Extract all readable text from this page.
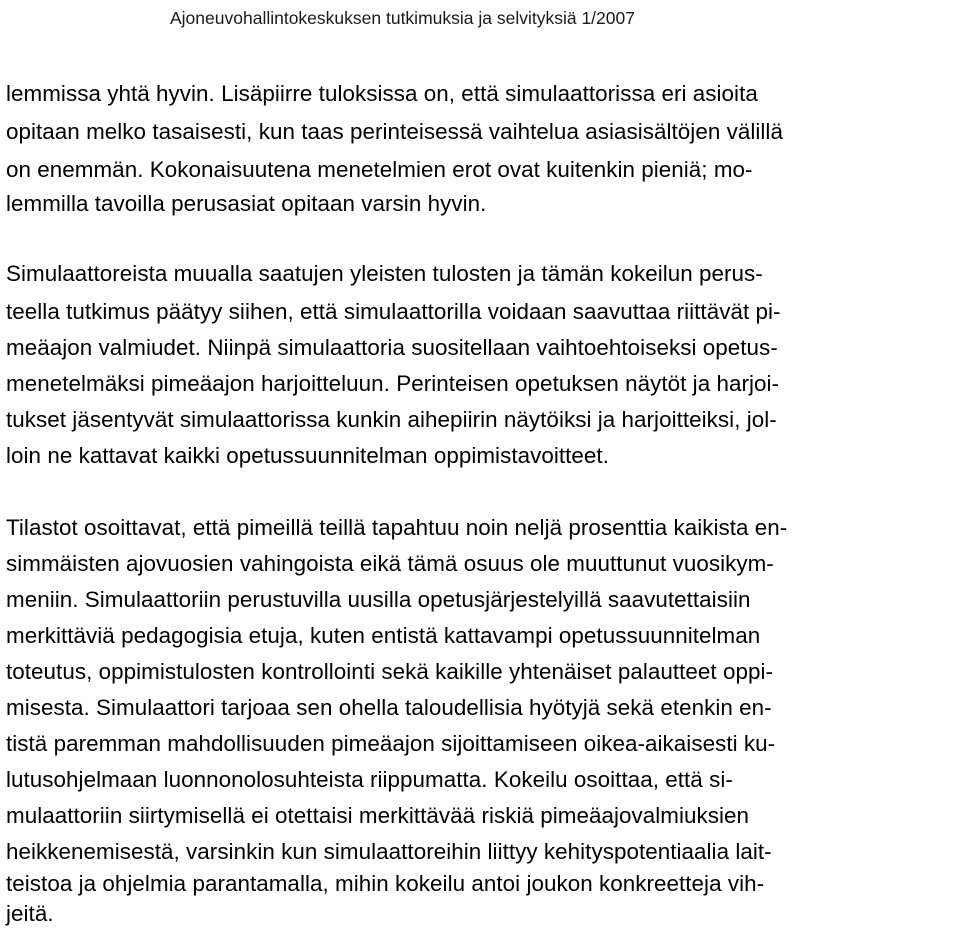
Ajoneuvohallintokeskuksen tutkimuksia ja selvityksiä 1/2007
lemmissa yhtä hyvin. Lisäpiirre tuloksissa on, että simulaattorissa eri asioita
opitaan melko tasaisesti, kun taas perinteisessä vaihtelua asiasisältöjen välillä
on enemmän. Kokonaisuutena menetelmien erot ovat kuitenkin pieniä; mo-
lemmilla tavoilla perusasiat opitaan varsin hyvin.
Simulaattoreista muualla saatujen yleisten tulosten ja tämän kokeilun perus-
teella tutkimus päätyy siihen, että simulaattorilla voidaan saavuttaa riittävät pi-
meäajon valmiudet. Niinpä simulaattoria suositellaan vaihtoehtoiseksi opetus-
menetelmäksi pimeäajon harjoitteluun. Perinteisen opetuksen näytöt ja harjoi-
tukset jäsentyvät simulaattorissa kunkin aihepiirin näytöiksi ja harjoitteiksi, jol-
loin ne kattavat kaikki opetussuunnitelman oppimistavoitteet.
Tilastot osoittavat, että pimeillä teillä tapahtuu noin neljä prosenttia kaikista en-
simmäisten ajovuosien vahingoista eikä tämä osuus ole muuttunut vuosikym-
meniin. Simulaattoriin perustuvilla uusilla opetusjärjestelyillä saavutettaisiin
merkittäviä pedagogisia etuja, kuten entistä kattavampi opetussuunnitelman
toteutus, oppimistulosten kontrollointi sekä kaikille yhtenäiset palautteet oppi-
misesta. Simulaattori tarjoaa sen ohella taloudellisia hyötyjä sekä etenkin en-
tistä paremman mahdollisuuden pimeäajon sijoittamiseen oikea-aikaisesti ku-
lutusohjelmaan luonnonolosuhteista riippumatta. Kokeilu osoittaa, että si-
mulaattoriin siirtymisellä ei otettaisi merkittävää riskiä pimeäajovalmiuksien
heikkenemisestä, varsinkin kun simulaattoreihin liittyy kehityspotentiaalia lait-
teistoa ja ohjelmia parantamalla, mihin kokeilu antoi joukon konkreetteja vih-
jeitä.
